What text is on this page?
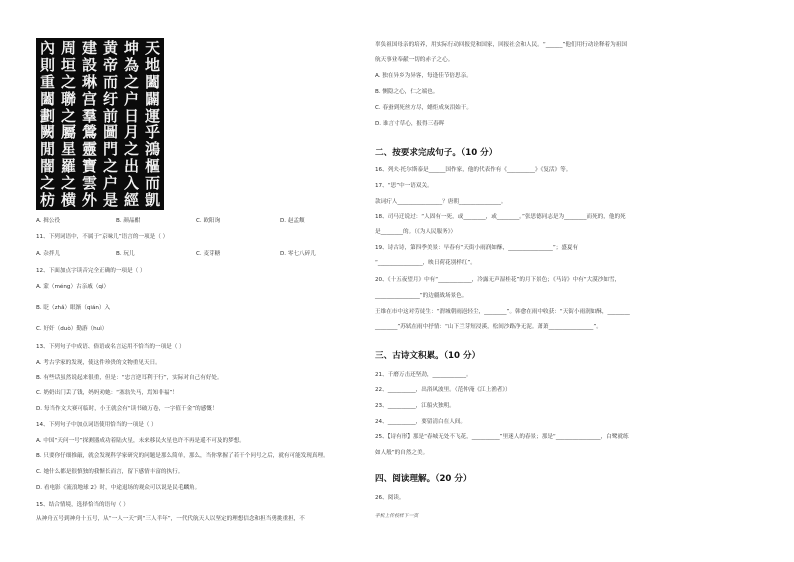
天
地
闔
闢
運
乎
鴻
樞
而
凱
坤
為
之
户
日
月
之
出
入
經
黄
帝
而
纡
前
圖
門
之
户
是
建
設
琳
宫
羣
鶯
靈
寶
雲
外
周
垣
之
聯
之
屬
星
羅
之
横
內
則
重
闔
劃
闕
閒
闇
之
枋
A. 揖公役	B. 颜晶酣	C. 欧阳询	D. 赵孟頫
11、下列词语中，不属于“京味儿”语言的一项是（ ）
A. 杂拌儿	B. 玩儿	C. 麦芽糖	D. 零七八碎儿
12、下面加点字读音完全正确的一项是（ ）
A. 蒙（méng）古亲戚（qì）
B. 眨（zhǎ）眼渐（qián）入
C. 好奸（duò）勤游（huì）
13、下列句子中成语、俗语或名言运用不恰当的一项是（ ）
A. 考古学家的发现，使这件珍贵的文物重见天日。
B. 有些话虽然说起来很重，但是：“忠言逆耳利于行”，实际对自己有好处。
C. 奶奶出门丢了钱，妈妈劝她：“塞翁失马，焉知非福”！
D. 每当作文大赛可临时，小王就会有“读书破万卷，一字值千金”的感慨！
14、下列句子中加点词语使用恰当的一项是（ ）
A. 中国“天问一号”探测器成功着陆火星，未来移民火星也许不再是遥不可及的梦想。
B. 只要你仔细推敲，就会发现科学家研究的问题是那么简单，那么，当你掌握了若干个问号之后，就有可能发现真理。
C. 她什么都是很慎独的我惭长而言，留下感情丰富的执行。
D. 看电影《流浪地球 2》时，中途退场的观众可以说是民毛麟角。
15、结合情境，选择恰当的语句（ ）
从神舟五号到神舟十五号，从“一人一天”到“三人半年”，一代代航天人以坚定的理想信念和担当勇挑重担，不
辜负祖国母亲的培养，用实际行动回报党和国家，回报社会和人民。“______”他们用行动诠释着为祖国
航天事业奉献一切的赤子之心。
A. 独在异乡为异客，每逢佳节倍思亲。
B. 恻隐之心，仁之端也。
C. 春蚕到死丝方尽，蜡炬成灰泪始干。
D. 谁言寸草心，报得三春晖
二、按要求完成句子。（10 分）
16、列夫·托尔斯泰是______国作家，他的代表作有《__________》《复活》等。
17、“思”中一语双关。
款词疔人________________？唐朝_______________。
18、司马迁说过：“人固有一死，或________，或________。”张思德同志是为________而死的，他的死
是________的。（《为人民服务》）
19、诗古诗，第四季美景：早春有“天街小雨润如酥，________________”；盛夏有
“________________，映日荷花别样红”。
20、《十五夜望月》中有“____________，冷露无声湿桂花”的月下景色；《马诗》中有“大漠沙如雪，
________________”的边疆战场景色。
王维在市中这对劳徒生：“渭城朝雨浥轻尘，________”。韩愈在雨中收获：“天街小雨润如酥，________
________”苏轼在雨中抒情：“山下兰芽短浸溪，松间沙路净无泥。萧萧________________”。
三、古诗文积累。（10 分）
21、千磨万击还坚劲，____________。
22、__________，出浴风波里。（范仲淹《江上渔者》）
23、__________，江船火独明。
24、__________，要留清白在人间。
25、【诗有形】那是“春城无处不飞花，__________”里迷人的春景；那是“________________，白鹭就练
如人般”的自然之美。
四、阅读理解。（20 分）
26、阅读。
手机上传校样下一页
